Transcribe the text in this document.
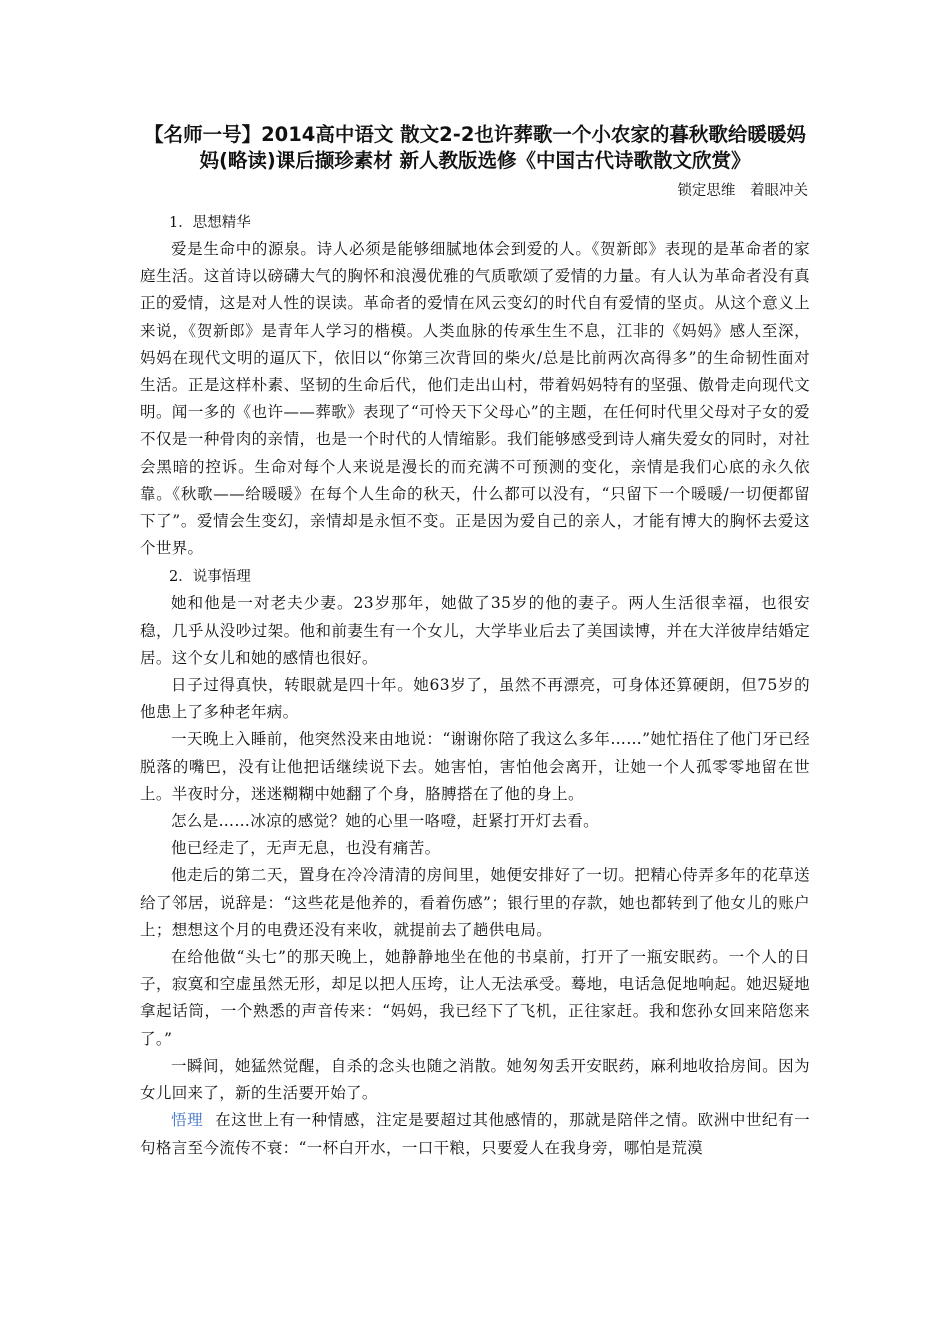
【名师一号】2014高中语文 散文2-2也许葬歌一个小农家的暮秋歌给暖暖妈妈(略读)课后撷珍素材 新人教版选修《中国古代诗歌散文欣赏》
锁定思维 着眼冲关
1．思想精华

爱是生命中的源泉。诗人必须是能够细腻地体会到爱的人。《贺新郎》表现的是革命者的家庭生活。这首诗以磅礴大气的胸怀和浪漫优雅的气质歌颂了爱情的力量。有人认为革命者没有真正的爱情，这是对人性的误读。革命者的爱情在风云变幻的时代自有爱情的坚贞。从这个意义上来说，《贺新郎》是青年人学习的楷模。人类血脉的传承生生不息，江非的《妈妈》感人至深，妈妈在现代文明的逼仄下，依旧以“你第三次背回的柴火/总是比前两次高得多”的生命韧性面对生活。正是这样朴素、坚韧的生命后代，他们走出山村，带着妈妈特有的坚强、傲骨走向现代文明。闻一多的《也许——葬歌》表现了“可怜天下父母心”的主题，在任何时代里父母对子女的爱不仅是一种骨肉的亲情，也是一个时代的人情缩影。我们能够感受到诗人痛失爱女的同时，对社会黑暗的控诉。生命对每个人来说是漫长的而充满不可预测的变化，亲情是我们心底的永久依靠。《秋歌——给暖暖》在每个人生命的秋天，什么都可以没有，“只留下一个暖暖/一切便都留下了”。爱情会生变幻，亲情却是永恒不变。正是因为爱自己的亲人，才能有博大的胸怀去爱这个世界。

2．说事悟理

她和他是一对老夫少妻。23岁那年，她做了35岁的他的妻子。两人生活很幸福，也很安稳，几乎从没吵过架。他和前妻生有一个女儿，大学毕业后去了美国读博，并在大洋彼岸结婚定居。这个女儿和她的感情也很好。

日子过得真快，转眼就是四十年。她63岁了，虽然不再漂亮，可身体还算硬朗，但75岁的他患上了多种老年病。

一天晚上入睡前，他突然没来由地说：“谢谢你陪了我这么多年……”她忙捂住了他门牙已经脱落的嘴巴，没有让他把话继续说下去。她害怕，害怕他会离开，让她一个人孤零零地留在世上。半夜时分，迷迷糊糊中她翻了个身，胳膊搭在了他的身上。

怎么是……冰凉的感觉？她的心里一咯噔，赶紧打开灯去看。

他已经走了，无声无息，也没有痛苦。

他走后的第二天，置身在冷冷清清的房间里，她便安排好了一切。把精心侍弄多年的花草送给了邻居，说辞是：“这些花是他养的，看着伤感”；银行里的存款，她也都转到了他女儿的账户上；想想这个月的电费还没有来收，就提前去了趟供电局。

在给他做“头七”的那天晚上，她静静地坐在他的书桌前，打开了一瓶安眠药。一个人的日子，寂寞和空虚虽然无形，却足以把人压垮，让人无法承受。蓦地，电话急促地响起。她迟疑地拿起话筒，一个熟悉的声音传来：“妈妈，我已经下了飞机，正往家赶。我和您孙女回来陪您来了。”

一瞬间，她猛然觉醒，自杀的念头也随之消散。她匆匆丢开安眠药，麻利地收拾房间。因为女儿回来了，新的生活要开始了。

悟理 在这世上有一种情感，注定是要超过其他感情的，那就是陪伴之情。欧洲中世纪有一句格言至今流传不衰：“一杯白开水，一口干粮，只要爱人在我身旁，哪怕是荒漠
